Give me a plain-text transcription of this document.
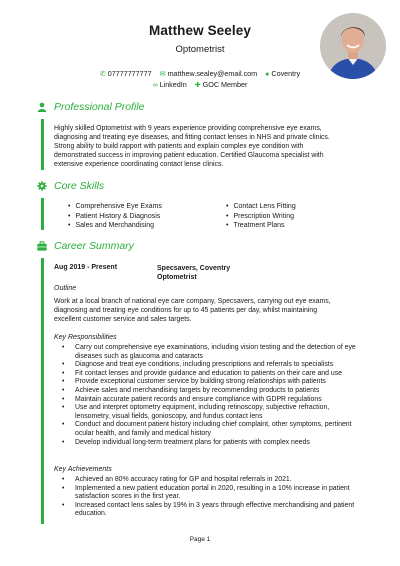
Matthew Seeley
Optometrist
✆ 07777777777 ✉ matthew.sealey@email.com ● Coventry
∞ LinkedIn ✚ GOC Member
Professional Profile
Highly skilled Optometrist with 9 years experience providing comprehensive eye exams,
diagnosing and treating eye diseases, and fitting contact lenses in NHS and private clinics.
Strong ability to build rapport with patients and explain complex eye condition with
demonstrated success in improving patient education. Certified Glaucoma specialist with
extensive experience coordinating contact lense clinics.
Core Skills
• Comprehensive Eye Exams
• Patient History & Diagnosis
• Sales and Merchandising
• Contact Lens Fitting
• Prescription Writing
• Treatment Plans
Career Summary
Aug 2019 - Present	Specsavers, Coventry
Optometrist
Outline
Work at a local branch of national eye care company, Specsavers, carrying out eye exams,
diagnosing and treating eye conditions for up to 45 patients per day, whilst maintaining
excellent customer service and sales targets.
Key Responsibilities
• Carry out comprehensive eye examinations, including vision testing and the detection of eye diseases such as glaucoma and cataracts
• Diagnose and treat eye conditions, including prescriptions and referrals to specialists
• Fit contact lenses and provide guidance and education to patients on their care and use
• Provide exceptional customer service by building strong relationships with patients
• Achieve sales and merchandising targets by recommending products to patients
• Maintain accurate patient records and ensure compliance with GDPR regulations
• Use and interpret optometry equipment, including retinoscopy, subjective refraction, lensometry, visual fields, gonioscopy, and fundus contact lens
• Conduct and document patient history including chief complaint, other symptoms, pertinent ocular health, and family and medical history
• Develop individual long-term treatment plans for patients with complex needs
Key Achievements
• Achieved an 80% accuracy rating for GP and hospital referrals in 2021.
• Implemented a new patient education portal in 2020, resulting in a 10% increase in patient satisfaction scores in the first year.
• Increased contact lens sales by 19% in 3 years through effective merchandising and patient education.
Page 1
